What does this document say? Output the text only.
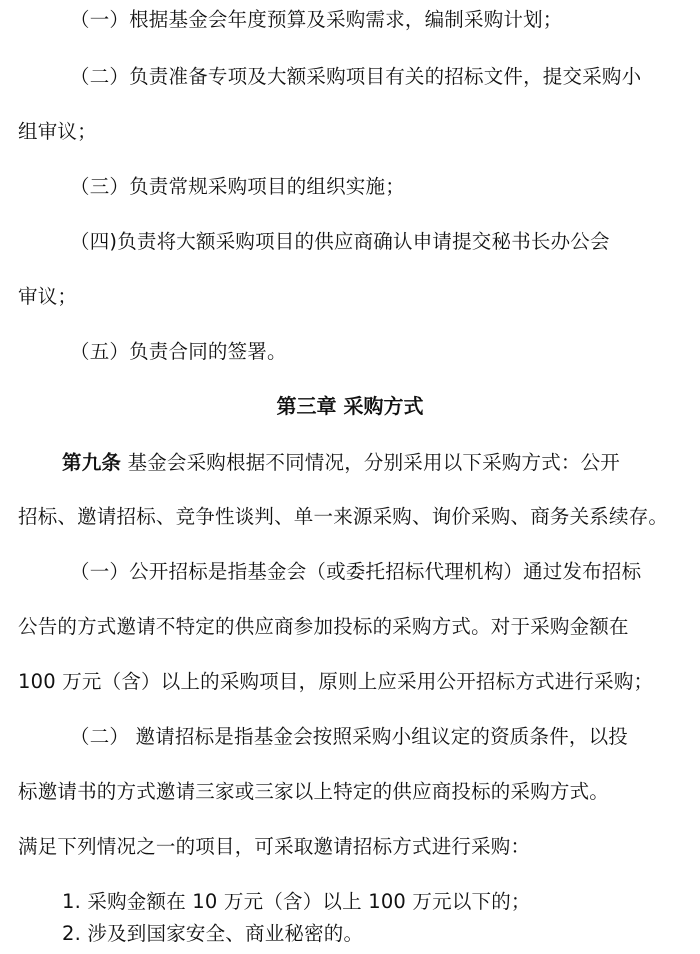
（一）根据基金会年度预算及采购需求，编制采购计划；
（二）负责准备专项及大额采购项目有关的招标文件，提交采购小
组审议；
（三）负责常规采购项目的组织实施；
（四)负责将大额采购项目的供应商确认申请提交秘书长办公会
审议；
（五）负责合同的签署。
第三章 采购方式
第九条 基金会采购根据不同情况，分别采用以下采购方式：公开
招标、邀请招标、竞争性谈判、单一来源采购、询价采购、商务关系续存。
（一）公开招标是指基金会（或委托招标代理机构）通过发布招标
公告的方式邀请不特定的供应商参加投标的采购方式。对于采购金额在
100 万元（含）以上的采购项目，原则上应采用公开招标方式进行采购；
（二） 邀请招标是指基金会按照采购小组议定的资质条件，以投
标邀请书的方式邀请三家或三家以上特定的供应商投标的采购方式。
满足下列情况之一的项目，可采取邀请招标方式进行采购：
1. 采购金额在 10 万元（含）以上 100 万元以下的；
2. 涉及到国家安全、商业秘密的。
